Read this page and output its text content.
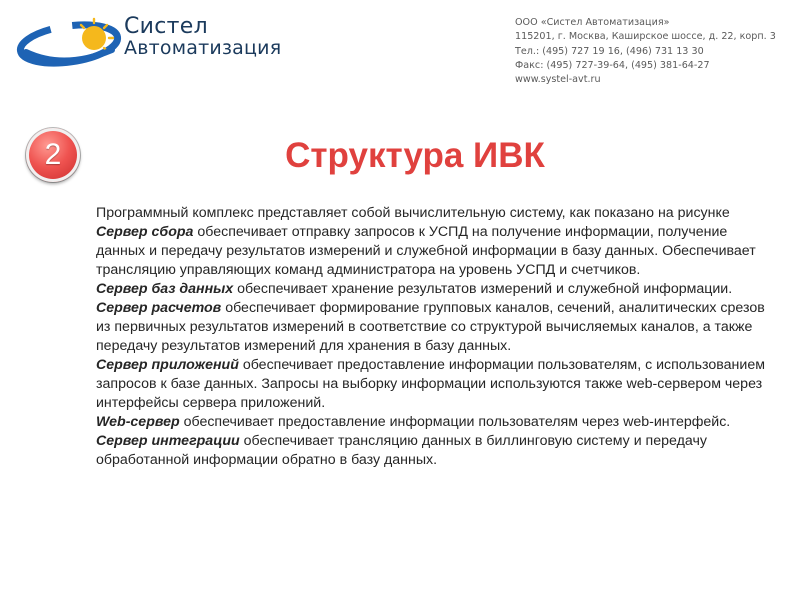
Систел
Автоматизация
ООО «Систел Автоматизация»
115201, г. Москва, Каширское шоссе, д. 22, корп. 3
Тел.: (495) 727 19 16, (496) 731 13 30
Факс: (495) 727-39-64, (495) 381-64-27
www.systel-avt.ru
2	Структура ИВК

Программный комплекс представляет собой вычислительную систему, как показано на рисунке

Сервер сбора обеспечивает отправку запросов к УСПД на получение информации, получение данных и передачу результатов измерений и служебной информации в базу данных. Обеспечивает трансляцию управляющих команд администратора на уровень УСПД и счетчиков.

Сервер баз данных обеспечивает хранение результатов измерений и служебной информации.

Сервер расчетов обеспечивает формирование групповых каналов, сечений, аналитических срезов из первичных результатов измерений в соответствие со структурой вычисляемых каналов, а также передачу результатов измерений для хранения в базу данных.

Сервер приложений обеспечивает предоставление информации пользователям, с использованием запросов к базе данных. Запросы на выборку информации используются также web-сервером через интерфейсы сервера приложений.

Web-сервер обеспечивает предоставление информации пользователям через web-интерфейс.

Сервер интеграции обеспечивает трансляцию данных в биллинговую систему и передачу обработанной информации обратно в базу данных.
